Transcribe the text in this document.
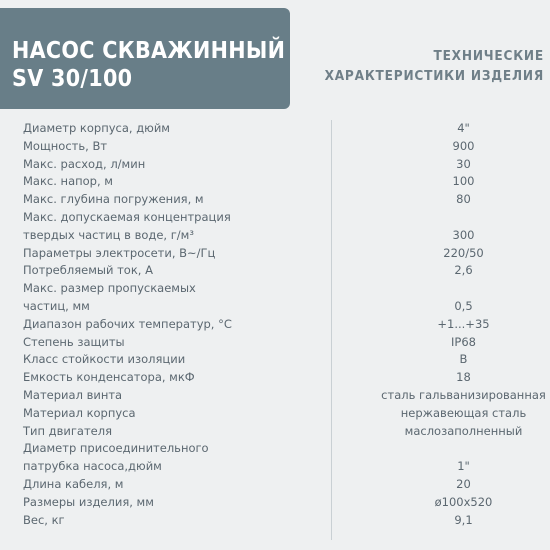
НАСОС СКВАЖИННЫЙ
SV 30/100
ТЕХНИЧЕСКИЕ
ХАРАКТЕРИСТИКИ ИЗДЕЛИЯ
Диаметр корпуса, дюйм	4"
Мощность, Вт	900
Макс. расход, л/мин	30
Макс. напор, м	100
Макс. глубина погружения, м	80
Макс. допускаемая концентрация
твердых частиц в воде, г/м³	300
Параметры электросети, В~/Гц	220/50
Потребляемый ток, А	2,6
Макс. размер пропускаемых
частиц, мм	0,5
Диапазон рабочих температур, °C	+1...+35
Степень защиты	IP68
Класс стойкости изоляции	B
Емкость конденсатора, мкФ	18
Материал винта	сталь гальванизированная
Материал корпуса	нержавеющая сталь
Тип двигателя	маслозаполненный
Диаметр присоединительного
патрубка насоса,дюйм	1"
Длина кабеля, м	20
Размеры изделия, мм	ø100x520
Вес, кг	9,1
